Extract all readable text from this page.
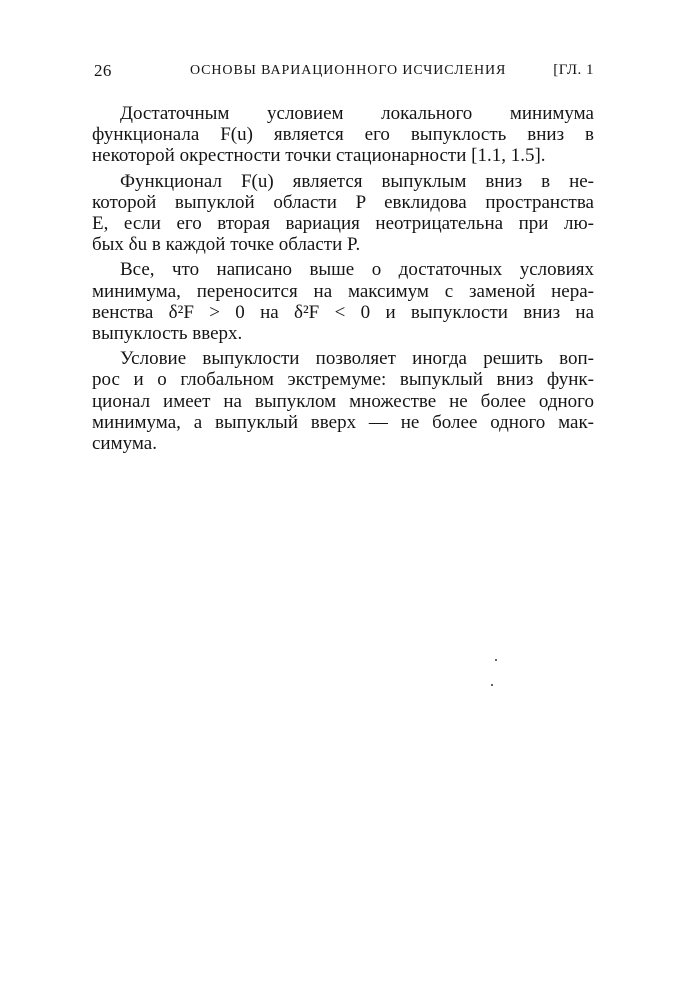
26	ОСНОВЫ ВАРИАЦИОННОГО ИСЧИСЛЕНИЯ	[ГЛ. 1

Достаточным условием локального минимума
функционала F(u) является его выпуклость вниз в
некоторой окрестности точки стационарности [1.1, 1.5].

Функционал F(u) является выпуклым вниз в не-
которой выпуклой области P евклидова пространства
E, если его вторая вариация неотрицательна при лю-
бых δu в каждой точке области P.

Все, что написано выше о достаточных условиях
минимума, переносится на максимум с заменой нера-
венства δ²F > 0 на δ²F < 0 и выпуклости вниз на
выпуклость вверх.

Условие выпуклости позволяет иногда решить воп-
рос и о глобальном экстремуме: выпуклый вниз функ-
ционал имеет на выпуклом множестве не более одного
минимума, а выпуклый вверх — не более одного мак-
симума.
